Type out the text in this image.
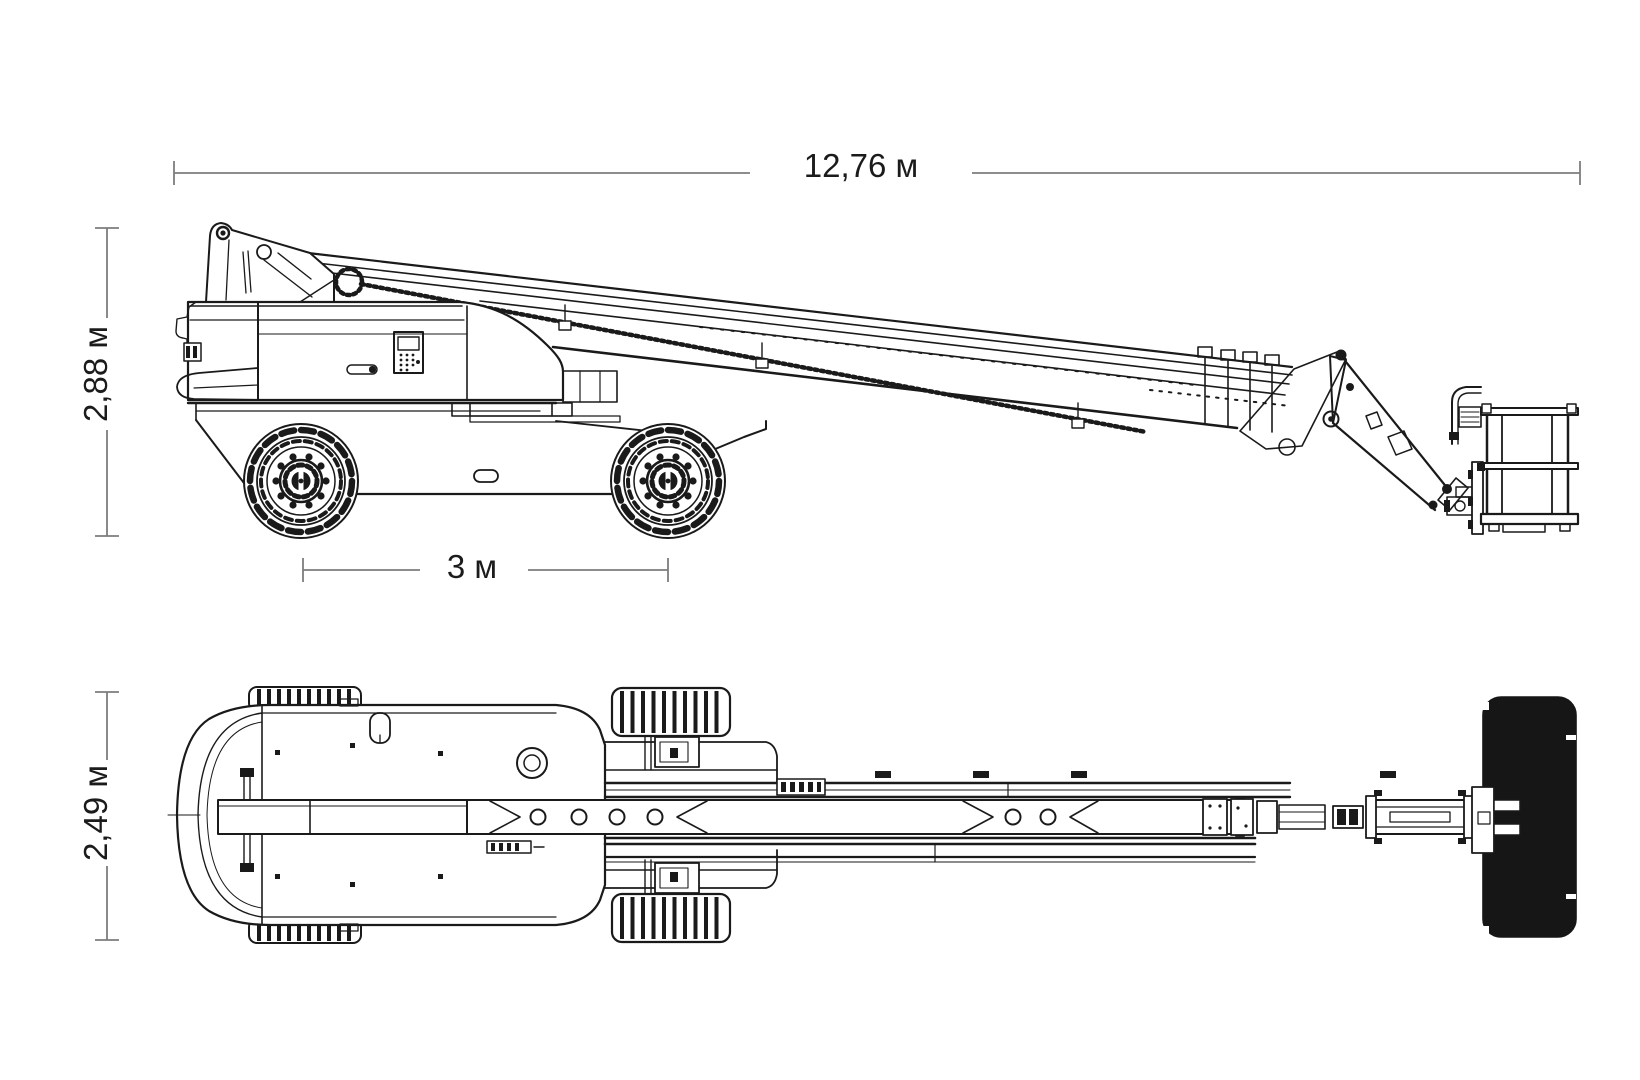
12,76 м
2,88 м
3 м
2,49 м
